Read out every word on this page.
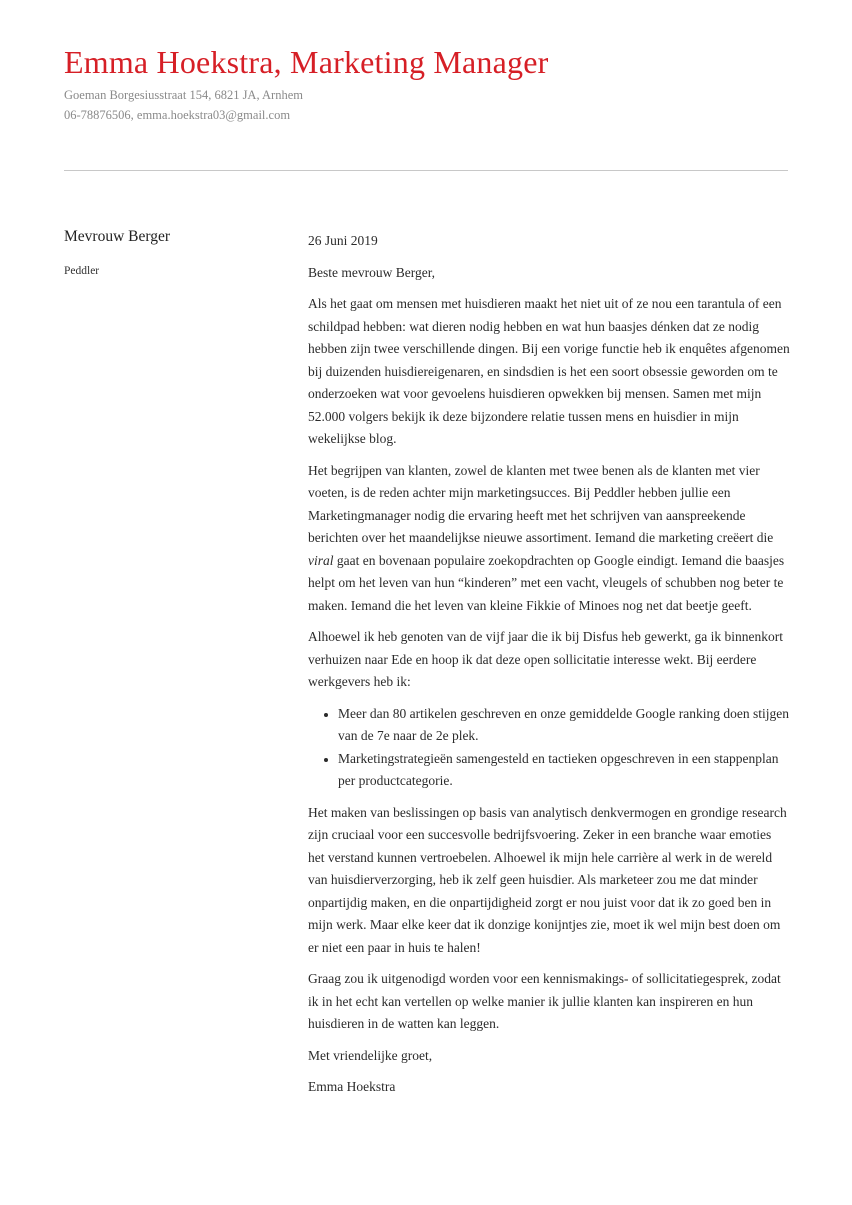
Emma Hoekstra, Marketing Manager
Goeman Borgesiusstraat 154, 6821 JA, Arnhem
06-78876506, emma.hoekstra03@gmail.com
Mevrouw Berger
Peddler

26 Juni 2019

Beste mevrouw Berger,

Als het gaat om mensen met huisdieren maakt het niet uit of ze nou een tarantula of een schildpad hebben: wat dieren nodig hebben en wat hun baasjes dénken dat ze nodig hebben zijn twee verschillende dingen. Bij een vorige functie heb ik enquêtes afgenomen bij duizenden huisdiereigenaren, en sindsdien is het een soort obsessie geworden om te onderzoeken wat voor gevoelens huisdieren opwekken bij mensen. Samen met mijn 52.000 volgers bekijk ik deze bijzondere relatie tussen mens en huisdier in mijn wekelijkse blog.

Het begrijpen van klanten, zowel de klanten met twee benen als de klanten met vier voeten, is de reden achter mijn marketingsucces. Bij Peddler hebben jullie een Marketingmanager nodig die ervaring heeft met het schrijven van aanspreekende berichten over het maandelijkse nieuwe assortiment. Iemand die marketing creëert die viral gaat en bovenaan populaire zoekopdrachten op Google eindigt. Iemand die baasjes helpt om het leven van hun “kinderen” met een vacht, vleugels of schubben nog beter te maken. Iemand die het leven van kleine Fikkie of Minoes nog net dat beetje geeft.

Alhoewel ik heb genoten van de vijf jaar die ik bij Disfus heb gewerkt, ga ik binnenkort verhuizen naar Ede en hoop ik dat deze open sollicitatie interesse wekt. Bij eerdere werkgevers heb ik:

• Meer dan 80 artikelen geschreven en onze gemiddelde Google ranking doen stijgen van de 7e naar de 2e plek.
• Marketingstrategieën samengesteld en tactieken opgeschreven in een stappenplan per productcategorie.

Het maken van beslissingen op basis van analytisch denkvermogen en grondige research zijn cruciaal voor een succesvolle bedrijfsvoering. Zeker in een branche waar emoties het verstand kunnen vertroebelen. Alhoewel ik mijn hele carrière al werk in de wereld van huisdierverzorging, heb ik zelf geen huisdier. Als marketeer zou me dat minder onpartijdig maken, en die onpartijdigheid zorgt er nou juist voor dat ik zo goed ben in mijn werk. Maar elke keer dat ik donzige konijntjes zie, moet ik wel mijn best doen om er niet een paar in huis te halen!

Graag zou ik uitgenodigd worden voor een kennismakings- of sollicitatiegesprek, zodat ik in het echt kan vertellen op welke manier ik jullie klanten kan inspireren en hun huisdieren in de watten kan leggen.

Met vriendelijke groet,

Emma Hoekstra
